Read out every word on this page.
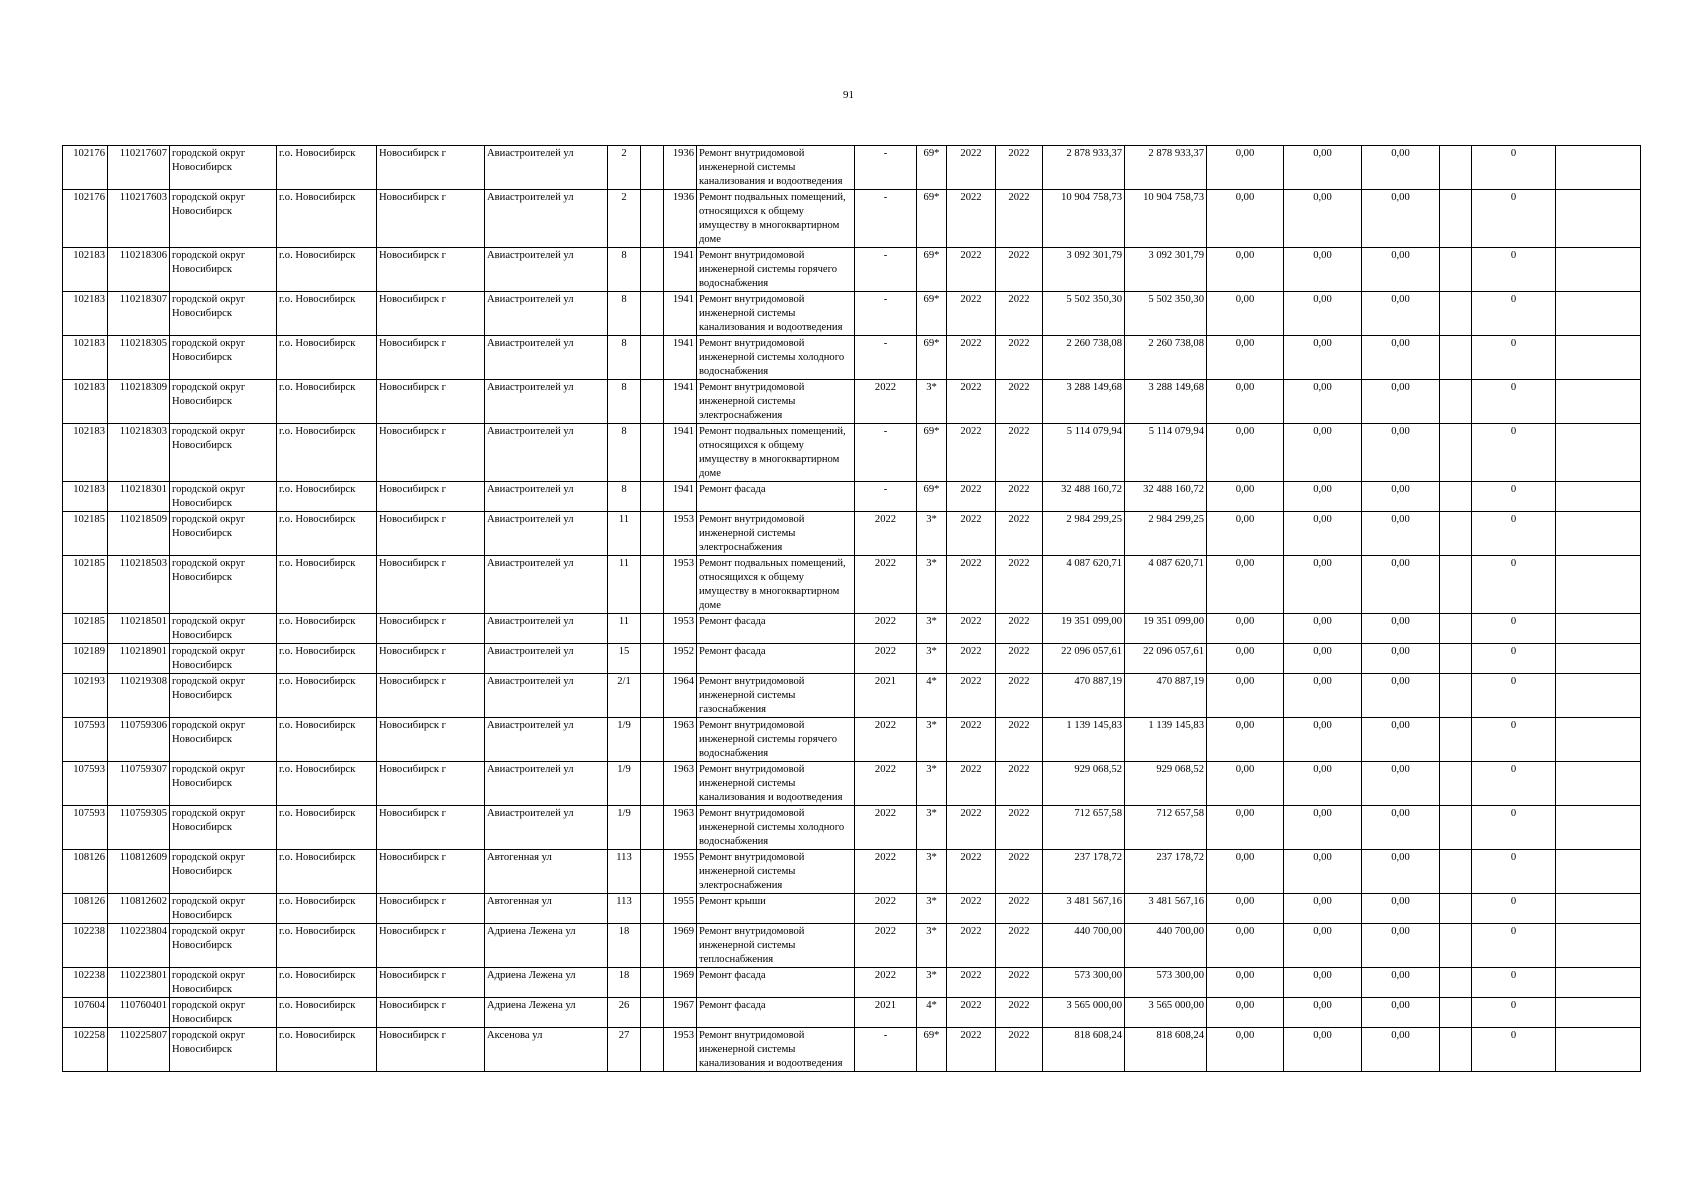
91
102176	110217607	городской округ Новосибирск	г.о. Новосибирск	Новосибирск г	Авиастроителей ул	2		1936	Ремонт внутридомовой инженерной системы канализования и водоотведения	-	69*	2022	2022	2 878 933,37	2 878 933,37	0,00	0,00	0,00		0	
102176	110217603	городской округ Новосибирск	г.о. Новосибирск	Новосибирск г	Авиастроителей ул	2		1936	Ремонт подвальных помещений, относящихся к общему имуществу в многоквартирном доме	-	69*	2022	2022	10 904 758,73	10 904 758,73	0,00	0,00	0,00		0	
102183	110218306	городской округ Новосибирск	г.о. Новосибирск	Новосибирск г	Авиастроителей ул	8		1941	Ремонт внутридомовой инженерной системы горячего водоснабжения	-	69*	2022	2022	3 092 301,79	3 092 301,79	0,00	0,00	0,00		0	
102183	110218307	городской округ Новосибирск	г.о. Новосибирск	Новосибирск г	Авиастроителей ул	8		1941	Ремонт внутридомовой инженерной системы канализования и водоотведения	-	69*	2022	2022	5 502 350,30	5 502 350,30	0,00	0,00	0,00		0	
102183	110218305	городской округ Новосибирск	г.о. Новосибирск	Новосибирск г	Авиастроителей ул	8		1941	Ремонт внутридомовой инженерной системы холодного водоснабжения	-	69*	2022	2022	2 260 738,08	2 260 738,08	0,00	0,00	0,00		0	
102183	110218309	городской округ Новосибирск	г.о. Новосибирск	Новосибирск г	Авиастроителей ул	8		1941	Ремонт внутридомовой инженерной системы электроснабжения	2022	3*	2022	2022	3 288 149,68	3 288 149,68	0,00	0,00	0,00		0	
102183	110218303	городской округ Новосибирск	г.о. Новосибирск	Новосибирск г	Авиастроителей ул	8		1941	Ремонт подвальных помещений, относящихся к общему имуществу в многоквартирном доме	-	69*	2022	2022	5 114 079,94	5 114 079,94	0,00	0,00	0,00		0	
102183	110218301	городской округ Новосибирск	г.о. Новосибирск	Новосибирск г	Авиастроителей ул	8		1941	Ремонт фасада	-	69*	2022	2022	32 488 160,72	32 488 160,72	0,00	0,00	0,00		0	
102185	110218509	городской округ Новосибирск	г.о. Новосибирск	Новосибирск г	Авиастроителей ул	11		1953	Ремонт внутридомовой инженерной системы электроснабжения	2022	3*	2022	2022	2 984 299,25	2 984 299,25	0,00	0,00	0,00		0	
102185	110218503	городской округ Новосибирск	г.о. Новосибирск	Новосибирск г	Авиастроителей ул	11		1953	Ремонт подвальных помещений, относящихся к общему имуществу в многоквартирном доме	2022	3*	2022	2022	4 087 620,71	4 087 620,71	0,00	0,00	0,00		0	
102185	110218501	городской округ Новосибирск	г.о. Новосибирск	Новосибирск г	Авиастроителей ул	11		1953	Ремонт фасада	2022	3*	2022	2022	19 351 099,00	19 351 099,00	0,00	0,00	0,00		0	
102189	110218901	городской округ Новосибирск	г.о. Новосибирск	Новосибирск г	Авиастроителей ул	15		1952	Ремонт фасада	2022	3*	2022	2022	22 096 057,61	22 096 057,61	0,00	0,00	0,00		0	
102193	110219308	городской округ Новосибирск	г.о. Новосибирск	Новосибирск г	Авиастроителей ул	2/1		1964	Ремонт внутридомовой инженерной системы газоснабжения	2021	4*	2022	2022	470 887,19	470 887,19	0,00	0,00	0,00		0	
107593	110759306	городской округ Новосибирск	г.о. Новосибирск	Новосибирск г	Авиастроителей ул	1/9		1963	Ремонт внутридомовой инженерной системы горячего водоснабжения	2022	3*	2022	2022	1 139 145,83	1 139 145,83	0,00	0,00	0,00		0	
107593	110759307	городской округ Новосибирск	г.о. Новосибирск	Новосибирск г	Авиастроителей ул	1/9		1963	Ремонт внутридомовой инженерной системы канализования и водоотведения	2022	3*	2022	2022	929 068,52	929 068,52	0,00	0,00	0,00		0	
107593	110759305	городской округ Новосибирск	г.о. Новосибирск	Новосибирск г	Авиастроителей ул	1/9		1963	Ремонт внутридомовой инженерной системы холодного водоснабжения	2022	3*	2022	2022	712 657,58	712 657,58	0,00	0,00	0,00		0	
108126	110812609	городской округ Новосибирск	г.о. Новосибирск	Новосибирск г	Автогенная ул	113		1955	Ремонт внутридомовой инженерной системы электроснабжения	2022	3*	2022	2022	237 178,72	237 178,72	0,00	0,00	0,00		0	
108126	110812602	городской округ Новосибирск	г.о. Новосибирск	Новосибирск г	Автогенная ул	113		1955	Ремонт крыши	2022	3*	2022	2022	3 481 567,16	3 481 567,16	0,00	0,00	0,00		0	
102238	110223804	городской округ Новосибирск	г.о. Новосибирск	Новосибирск г	Адриена Лежена ул	18		1969	Ремонт внутридомовой инженерной системы теплоснабжения	2022	3*	2022	2022	440 700,00	440 700,00	0,00	0,00	0,00		0	
102238	110223801	городской округ Новосибирск	г.о. Новосибирск	Новосибирск г	Адриена Лежена ул	18		1969	Ремонт фасада	2022	3*	2022	2022	573 300,00	573 300,00	0,00	0,00	0,00		0	
107604	110760401	городской округ Новосибирск	г.о. Новосибирск	Новосибирск г	Адриена Лежена ул	26		1967	Ремонт фасада	2021	4*	2022	2022	3 565 000,00	3 565 000,00	0,00	0,00	0,00		0	
102258	110225807	городской округ Новосибирск	г.о. Новосибирск	Новосибирск г	Аксенова ул	27		1953	Ремонт внутридомовой инженерной системы канализования и водоотведения	-	69*	2022	2022	818 608,24	818 608,24	0,00	0,00	0,00		0	
